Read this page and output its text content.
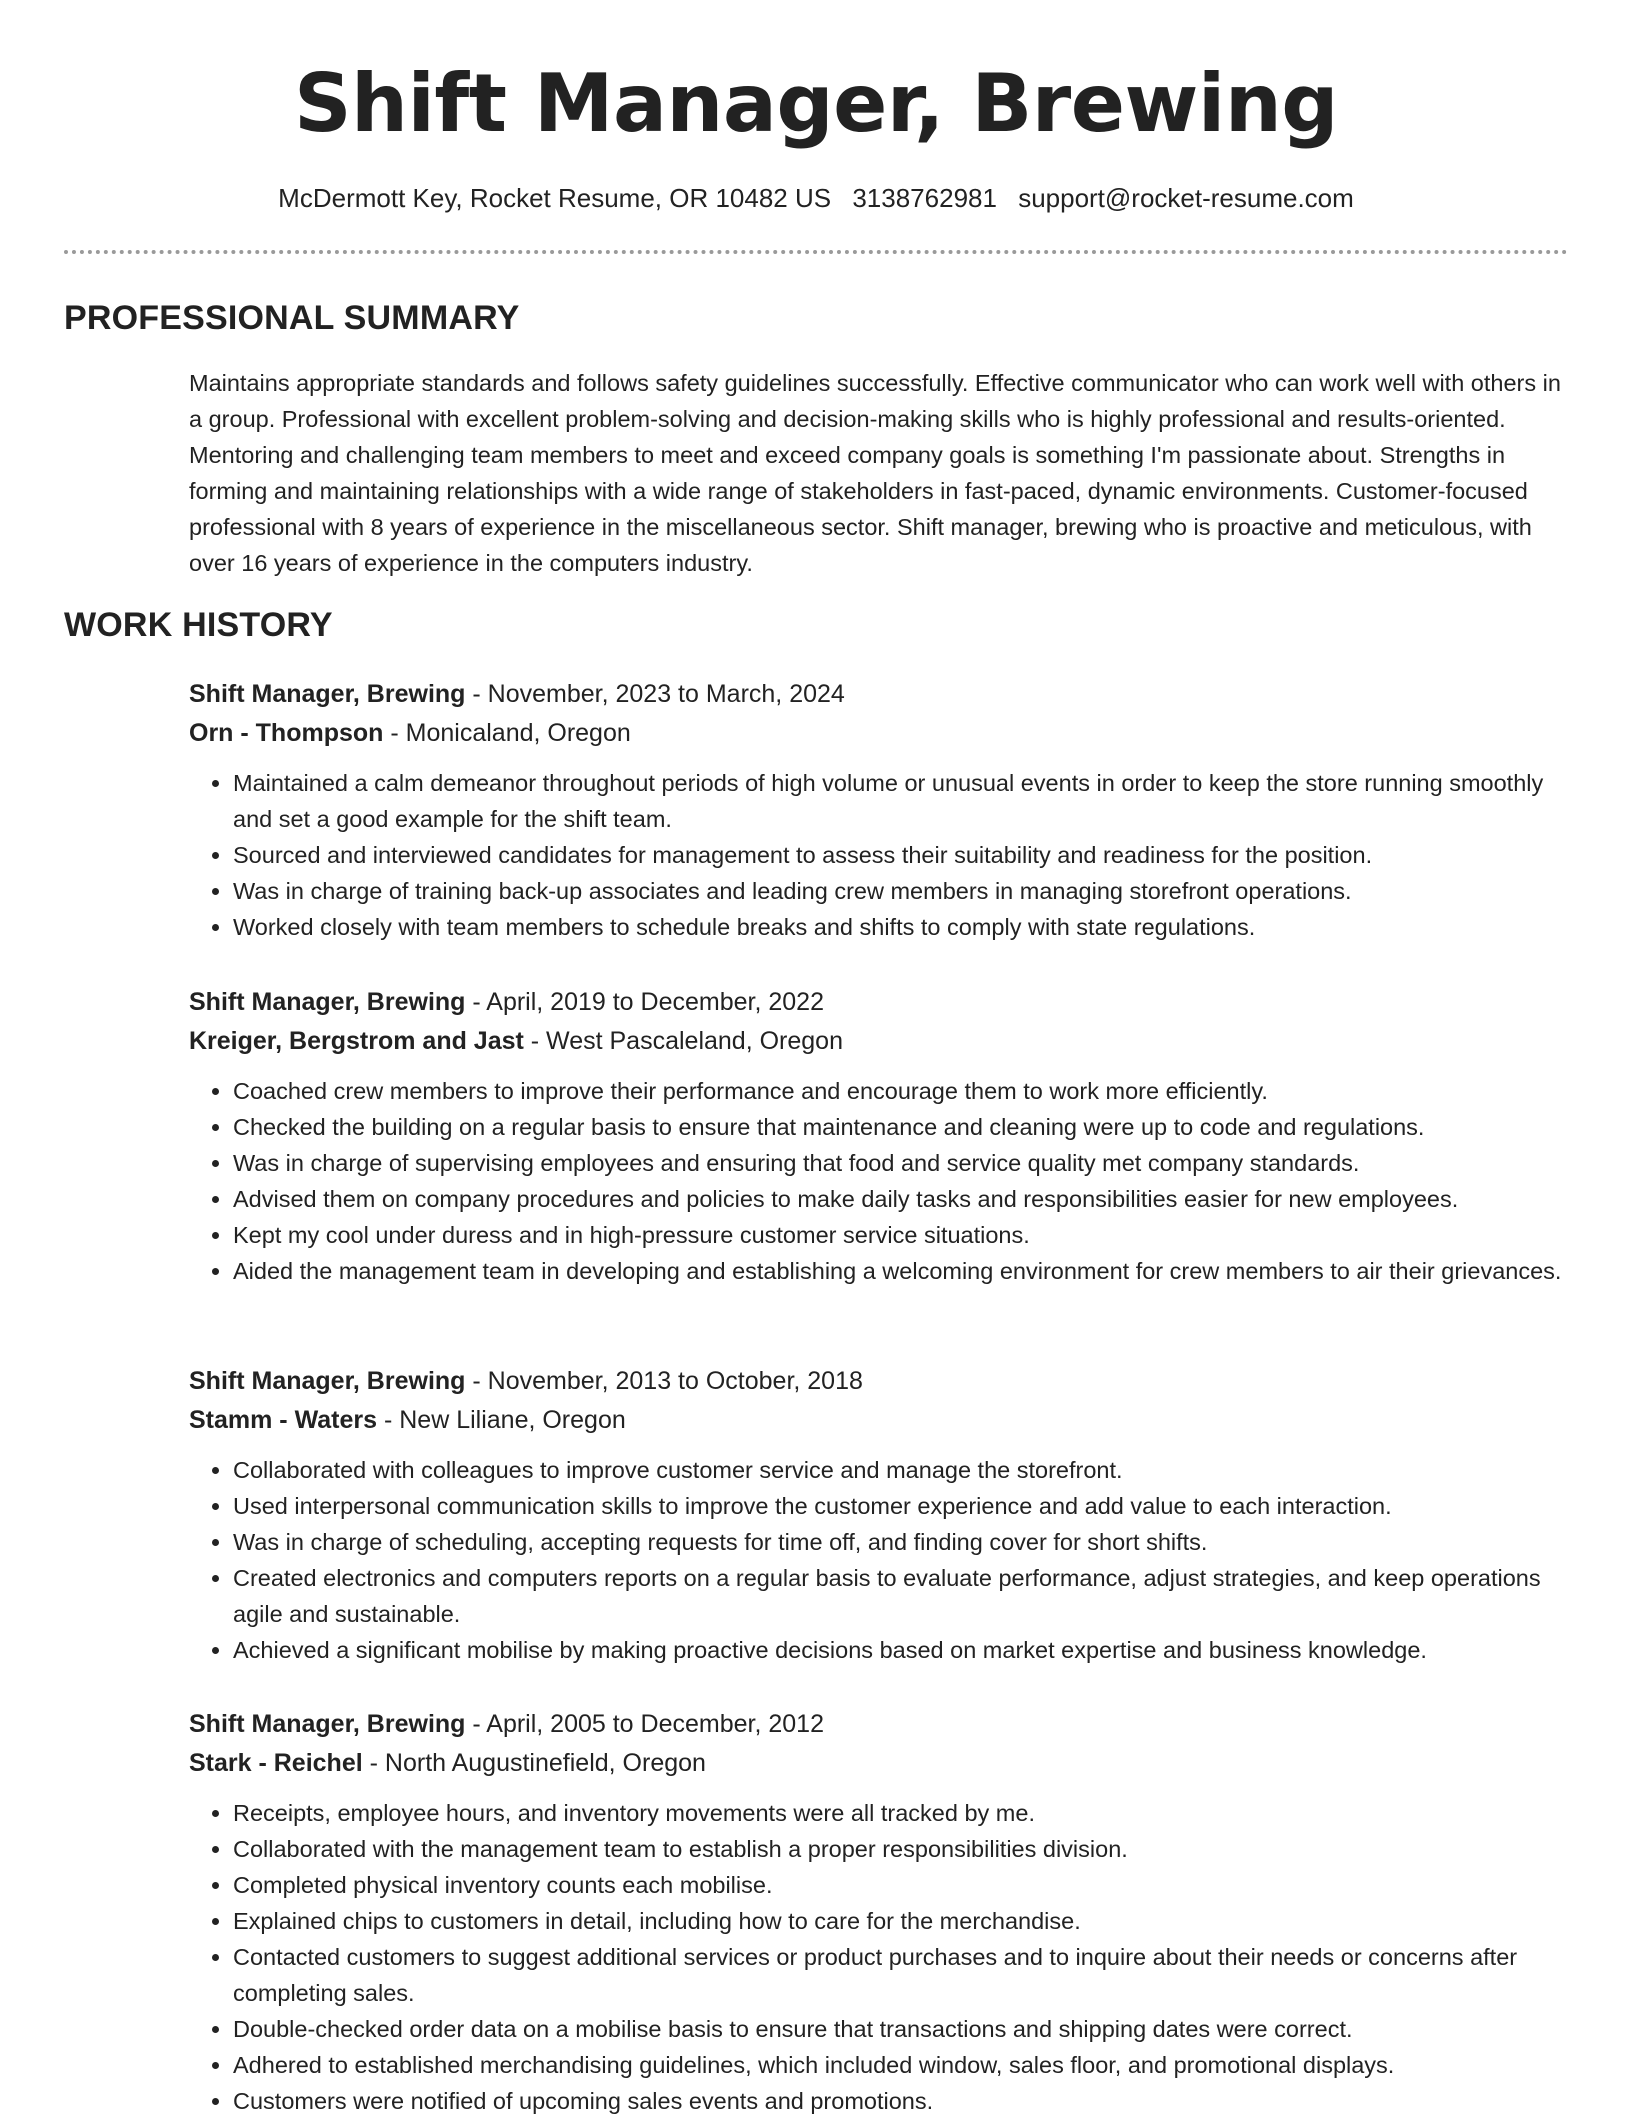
Shift Manager, Brewing
McDermott Key, Rocket Resume, OR 10482 US 3138762981 support@rocket-resume.com
PROFESSIONAL SUMMARY
Maintains appropriate standards and follows safety guidelines successfully. Effective communicator who can work well with others in a group. Professional with excellent problem-solving and decision-making skills who is highly professional and results-oriented. Mentoring and challenging team members to meet and exceed company goals is something I'm passionate about. Strengths in forming and maintaining relationships with a wide range of stakeholders in fast-paced, dynamic environments. Customer-focused professional with 8 years of experience in the miscellaneous sector. Shift manager, brewing who is proactive and meticulous, with over 16 years of experience in the computers industry.
WORK HISTORY
Shift Manager, Brewing - November, 2023 to March, 2024
Orn - Thompson - Monicaland, Oregon
• Maintained a calm demeanor throughout periods of high volume or unusual events in order to keep the store running smoothly and set a good example for the shift team.
• Sourced and interviewed candidates for management to assess their suitability and readiness for the position.
• Was in charge of training back-up associates and leading crew members in managing storefront operations.
• Worked closely with team members to schedule breaks and shifts to comply with state regulations.
Shift Manager, Brewing - April, 2019 to December, 2022
Kreiger, Bergstrom and Jast - West Pascaleland, Oregon
• Coached crew members to improve their performance and encourage them to work more efficiently.
• Checked the building on a regular basis to ensure that maintenance and cleaning were up to code and regulations.
• Was in charge of supervising employees and ensuring that food and service quality met company standards.
• Advised them on company procedures and policies to make daily tasks and responsibilities easier for new employees.
• Kept my cool under duress and in high-pressure customer service situations.
• Aided the management team in developing and establishing a welcoming environment for crew members to air their grievances.
Shift Manager, Brewing - November, 2013 to October, 2018
Stamm - Waters - New Liliane, Oregon
• Collaborated with colleagues to improve customer service and manage the storefront.
• Used interpersonal communication skills to improve the customer experience and add value to each interaction.
• Was in charge of scheduling, accepting requests for time off, and finding cover for short shifts.
• Created electronics and computers reports on a regular basis to evaluate performance, adjust strategies, and keep operations agile and sustainable.
• Achieved a significant mobilise by making proactive decisions based on market expertise and business knowledge.
Shift Manager, Brewing - April, 2005 to December, 2012
Stark - Reichel - North Augustinefield, Oregon
• Receipts, employee hours, and inventory movements were all tracked by me.
• Collaborated with the management team to establish a proper responsibilities division.
• Completed physical inventory counts each mobilise.
• Explained chips to customers in detail, including how to care for the merchandise.
• Contacted customers to suggest additional services or product purchases and to inquire about their needs or concerns after completing sales.
• Double-checked order data on a mobilise basis to ensure that transactions and shipping dates were correct.
• Adhered to established merchandising guidelines, which included window, sales floor, and promotional displays.
• Customers were notified of upcoming sales events and promotions.
